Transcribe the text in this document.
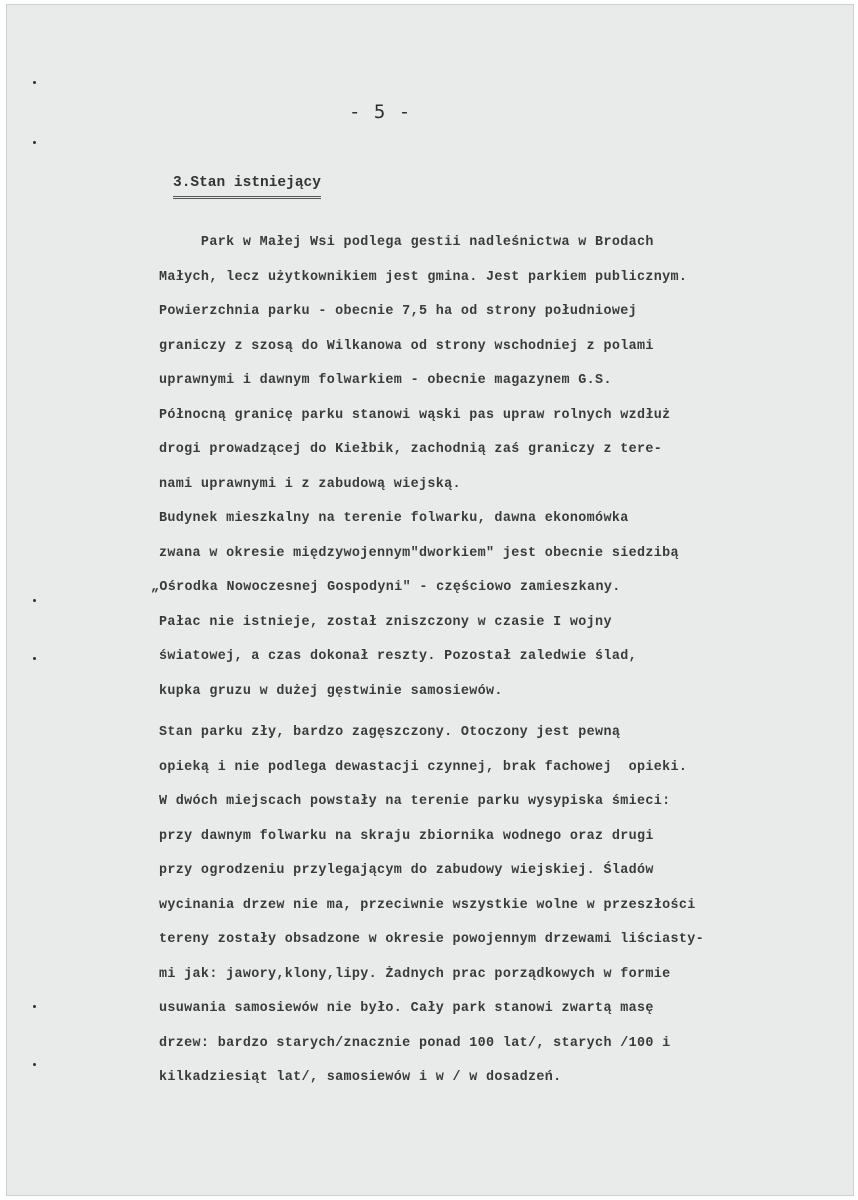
- 5 -
3.Stan istniejący
Park w Małej Wsi podlega gestii nadleśnictwa w Brodach
Małych, lecz użytkownikiem jest gmina. Jest parkiem publicznym.
Powierzchnia parku - obecnie 7,5 ha od strony południowej
graniczy z szosą do Wilkanowa od strony wschodniej z polami
uprawnymi i dawnym folwarkiem - obecnie magazynem G.S.
Północną granicę parku stanowi wąski pas upraw rolnych wzdłuż
drogi prowadzącej do Kiełbik, zachodnią zaś graniczy z tere-
nami uprawnymi i z zabudową wiejską.
Budynek mieszkalny na terenie folwarku, dawna ekonomówka
zwana w okresie międzywojennym"dworkiem" jest obecnie siedzibą
„Ośrodka Nowoczesnej Gospodyni" - częściowo zamieszkany.
Pałac nie istnieje, został zniszczony w czasie I wojny
światowej, a czas dokonał reszty. Pozostał zaledwie ślad,
kupka gruzu w dużej gęstwinie samosiewów.
Stan parku zły, bardzo zagęszczony. Otoczony jest pewną
opieką i nie podlega dewastacji czynnej, brak fachowej  opieki.
W dwóch miejscach powstały na terenie parku wysypiska śmieci:
przy dawnym folwarku na skraju zbiornika wodnego oraz drugi
przy ogrodzeniu przylegającym do zabudowy wiejskiej. Śladów
wycinania drzew nie ma, przeciwnie wszystkie wolne w przeszłości
tereny zostały obsadzone w okresie powojennym drzewami liściasty-
mi jak: jawory,klony,lipy. Żadnych prac porządkowych w formie
usuwania samosiewów nie było. Cały park stanowi zwartą masę
drzew: bardzo starych/znacznie ponad 100 lat/, starych /100 i
kilkadziesiąt lat/, samosiewów i w / w dosadzeń.
